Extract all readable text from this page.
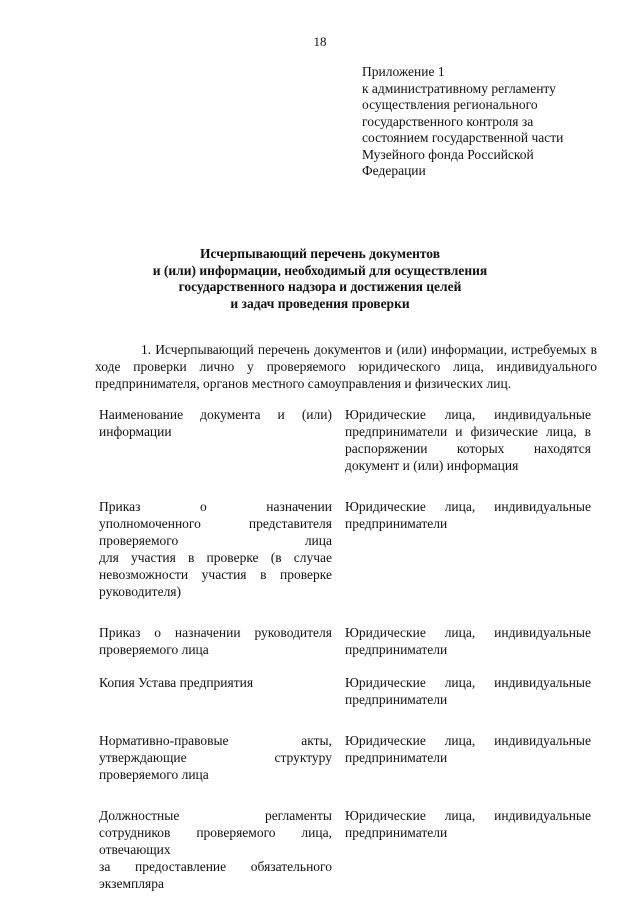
18
Приложение 1
к административному регламенту
осуществления регионального
государственного контроля за
состоянием государственной части
Музейного фонда Российской
Федерации
Исчерпывающий перечень документов
и (или) информации, необходимый для осуществления
государственного надзора и достижения целей
и задач проведения проверки

1. Исчерпывающий перечень документов и (или) информации, истребуемых в ходе проверки лично у проверяемого юридического лица, индивидуального предпринимателя, органов местного самоуправления и физических лиц.

Наименование документа и (или)
информации
Юридические лица, индивидуальные
предприниматели и физические лица, в
распоряжении которых находятся
документ и (или) информация
Приказ о назначении
уполномоченного представителя
проверяемого лица
для участия в проверке (в случае
невозможности участия в проверке
руководителя)
Юридические лица, индивидуальные
предприниматели
Приказ о назначении руководителя
проверяемого лица
Юридические лица, индивидуальные
предприниматели
Копия Устава предприятия	Юридические лица, индивидуальные
предприниматели
Нормативно-правовые акты,
утверждающие структуру
проверяемого лица
Юридические лица, индивидуальные
предприниматели
Должностные регламенты
сотрудников проверяемого лица,
отвечающих
за предоставление обязательного
экземпляра
Юридические лица, индивидуальные
предприниматели
